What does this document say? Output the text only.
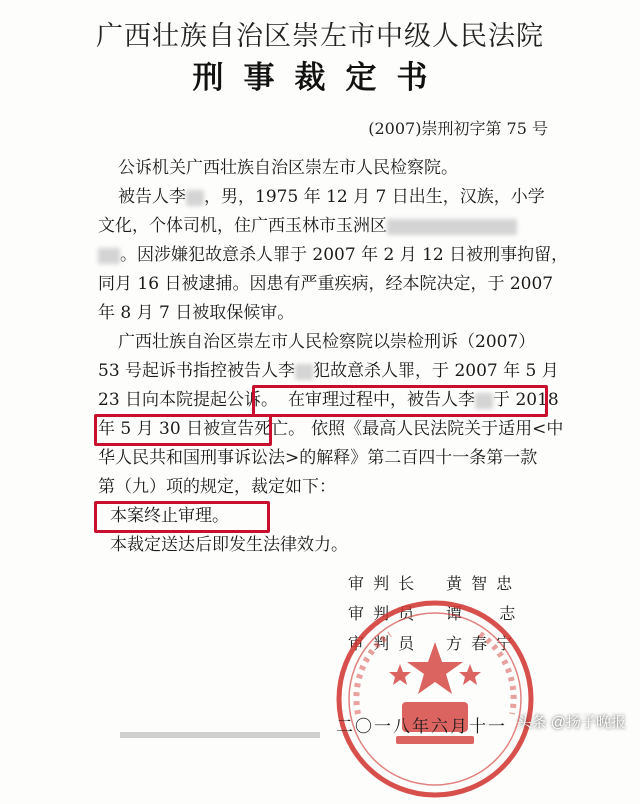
广西壮族自治区崇左市中级人民法院
刑事裁定书
(2007)崇刑初字第 75 号
公诉机关广西壮族自治区崇左市人民检察院。
被告人李 ，男，1975 年 12 月 7 日出生，汉族，小学
文化，个体司机，住广西玉林市玉洲区
。因涉嫌犯故意杀人罪于 2007 年 2 月 12 日被刑事拘留，
同月 16 日被逮捕。因患有严重疾病，经本院决定，于 2007
年 8 月 7 日被取保候审。
广西壮族自治区崇左市人民检察院以崇检刑诉（2007）
53 号起诉书指控被告人李 犯故意杀人罪，于 2007 年 5 月
23 日向本院提起公诉。 在审理过程中，被告人李 于 2018
年 5 月 30 日被宣告死亡。 依照《最高人民法院关于适用<中
华人民共和国刑事诉讼法>的解释》第二百四十一条第一款
第（九）项的规定，裁定如下：
本案终止审理。
本裁定送达后即发生法律效力。
审 判 长 黄 智 忠
审 判 员 谭     志
审 判 员 方 春 宁
二〇一八年六月十一 头条 @扬子晚报
